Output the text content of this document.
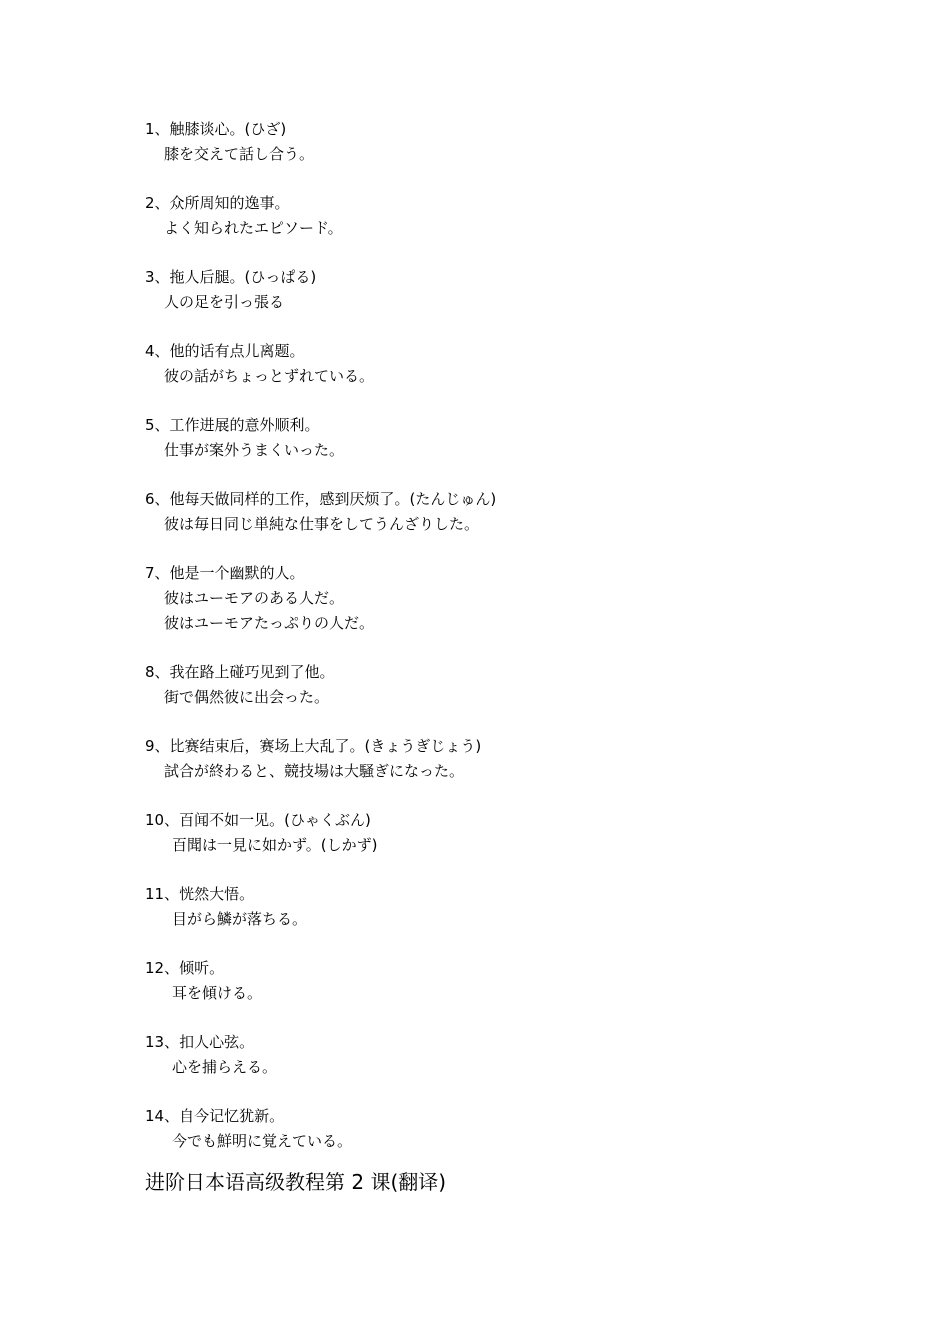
1、触膝谈心。(ひざ)
膝を交えて話し合う。
2、众所周知的逸事。
よく知られたエピソード。
3、拖人后腿。(ひっぱる)
人の足を引っ張る
4、他的话有点儿离题。
彼の話がちょっとずれている。
5、工作进展的意外顺利。
仕事が案外うまくいった。
6、他每天做同样的工作，感到厌烦了。(たんじゅん)
彼は毎日同じ単純な仕事をしてうんざりした。
7、他是一个幽默的人。
彼はユーモアのある人だ。
彼はユーモアたっぷりの人だ。
8、我在路上碰巧见到了他。
街で偶然彼に出会った。
9、比赛结束后，赛场上大乱了。(きょうぎじょう)
試合が終わると、競技場は大騒ぎになった。
10、百闻不如一见。(ひゃくぶん)
百聞は一見に如かず。(しかず)
11、恍然大悟。
目がら鱗が落ちる。
12、倾听。
耳を傾ける。
13、扣人心弦。
心を捕らえる。
14、自今记忆犹新。
今でも鮮明に覚えている。
进阶日本语高级教程第 2 课(翻译)
